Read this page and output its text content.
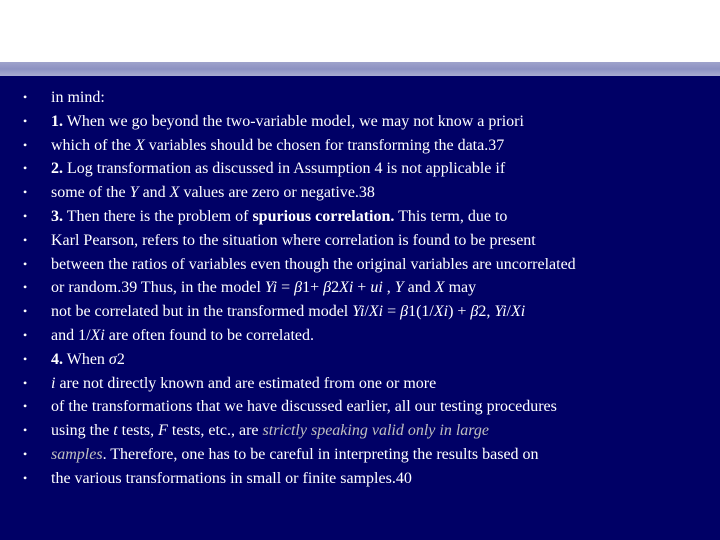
• in mind:
• 1. When we go beyond the two-variable model, we may not know a priori
• which of the X variables should be chosen for transforming the data.37
• 2. Log transformation as discussed in Assumption 4 is not applicable if
• some of the Y and X values are zero or negative.38
• 3. Then there is the problem of spurious correlation. This term, due to
• Karl Pearson, refers to the situation where correlation is found to be present
• between the ratios of variables even though the original variables are uncorrelated
• or random.39 Thus, in the model Yi = β1+ β2Xi + ui , Y and X may
• not be correlated but in the transformed model Yi/Xi = β1(1/Xi) + β2, Yi/Xi
• and 1/Xi are often found to be correlated.
• 4. When σ2
• i are not directly known and are estimated from one or more
• of the transformations that we have discussed earlier, all our testing procedures
• using the t tests, F tests, etc., are strictly speaking valid only in large
• samples. Therefore, one has to be careful in interpreting the results based on
• the various transformations in small or finite samples.40
